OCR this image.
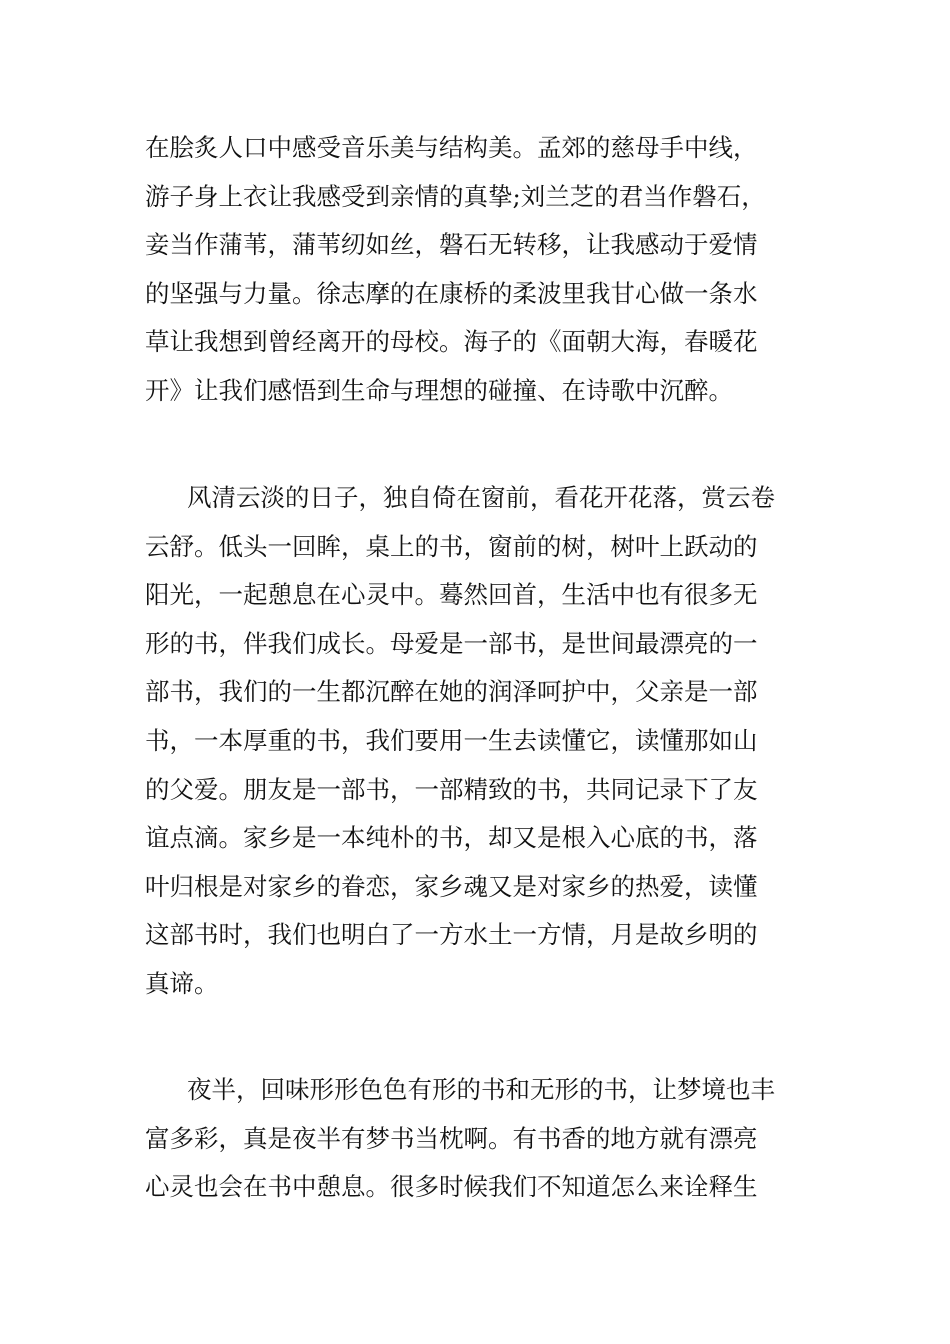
在脍炙人口中感受音乐美与结构美。孟郊的慈母手中线，
游子身上衣让我感受到亲情的真挚;刘兰芝的君当作磐石，
妾当作蒲苇，蒲苇纫如丝，磐石无转移，让我感动于爱情
的坚强与力量。徐志摩的在康桥的柔波里我甘心做一条水
草让我想到曾经离开的母校。海子的《面朝大海，春暖花
开》让我们感悟到生命与理想的碰撞、在诗歌中沉醉。
风清云淡的日子，独自倚在窗前，看花开花落，赏云卷
云舒。低头一回眸，桌上的书，窗前的树，树叶上跃动的
阳光，一起憩息在心灵中。蓦然回首，生活中也有很多无
形的书，伴我们成长。母爱是一部书，是世间最漂亮的一
部书，我们的一生都沉醉在她的润泽呵护中，父亲是一部
书，一本厚重的书，我们要用一生去读懂它，读懂那如山
的父爱。朋友是一部书，一部精致的书，共同记录下了友
谊点滴。家乡是一本纯朴的书，却又是根入心底的书，落
叶归根是对家乡的眷恋，家乡魂又是对家乡的热爱，读懂
这部书时，我们也明白了一方水土一方情，月是故乡明的
真谛。
夜半，回味形形色色有形的书和无形的书，让梦境也丰
富多彩，真是夜半有梦书当枕啊。有书香的地方就有漂亮
心灵也会在书中憩息。很多时候我们不知道怎么来诠释生
